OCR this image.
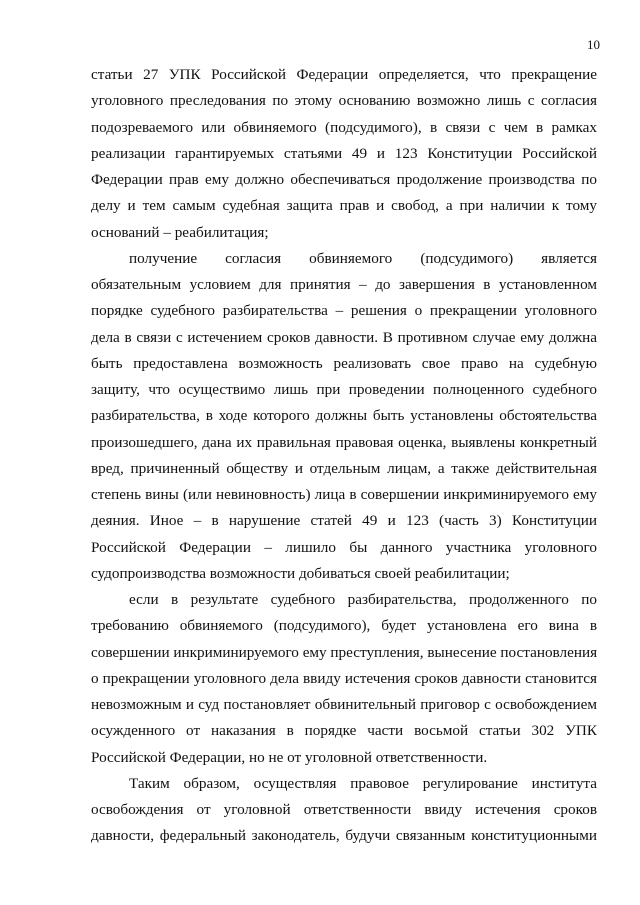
10
статьи 27 УПК Российской Федерации определяется, что прекращение
уголовного преследования по этому основанию возможно лишь с согласия
подозреваемого или обвиняемого (подсудимого), в связи с чем в рамках
реализации гарантируемых статьями 49 и 123 Конституции Российской
Федерации прав ему должно обеспечиваться продолжение производства по
делу и тем самым судебная защита прав и свобод, а при наличии к тому
оснований – реабилитация;
получение согласия обвиняемого (подсудимого) является
обязательным условием для принятия – до завершения в установленном
порядке судебного разбирательства – решения о прекращении уголовного
дела в связи с истечением сроков давности. В противном случае ему должна
быть предоставлена возможность реализовать свое право на судебную
защиту, что осуществимо лишь при проведении полноценного судебного
разбирательства, в ходе которого должны быть установлены обстоятельства
произошедшего, дана их правильная правовая оценка, выявлены конкретный
вред, причиненный обществу и отдельным лицам, а также действительная
степень вины (или невиновность) лица в совершении инкриминируемого ему
деяния. Иное – в нарушение статей 49 и 123 (часть 3) Конституции
Российской Федерации – лишило бы данного участника уголовного
судопроизводства возможности добиваться своей реабилитации;
если в результате судебного разбирательства, продолженного по
требованию обвиняемого (подсудимого), будет установлена его вина в
совершении инкриминируемого ему преступления, вынесение постановления
о прекращении уголовного дела ввиду истечения сроков давности становится
невозможным и суд постановляет обвинительный приговор с освобождением
осужденного от наказания в порядке части восьмой статьи 302 УПК
Российской Федерации, но не от уголовной ответственности.
Таким образом, осуществляя правовое регулирование института
освобождения от уголовной ответственности ввиду истечения сроков
давности, федеральный законодатель, будучи связанным конституционными
